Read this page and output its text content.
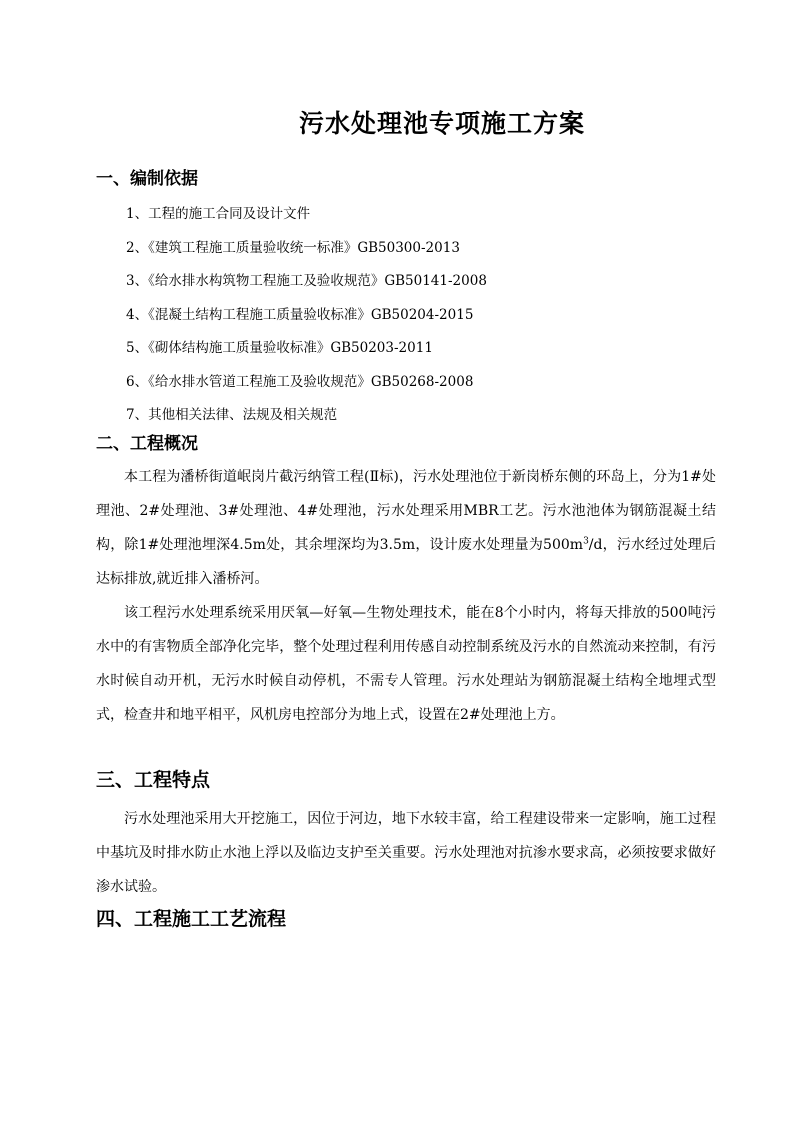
污水处理池专项施工方案
一、编制依据
1、工程的施工合同及设计文件
2、《建筑工程施工质量验收统一标准》GB50300-2013
3、《给水排水构筑物工程施工及验收规范》GB50141-2008
4、《混凝土结构工程施工质量验收标准》GB50204-2015
5、《砌体结构施工质量验收标准》GB50203-2011
6、《给水排水管道工程施工及验收规范》GB50268-2008
7、其他相关法律、法规及相关规范
二、工程概况

本工程为潘桥街道岷岗片截污纳管工程(Ⅱ标)，污水处理池位于新岗桥东侧的环岛上，分为1#处理池、2#处理池、3#处理池、4#处理池，污水处理采用MBR工艺。污水池池体为钢筋混凝土结构，除1#处理池埋深4.5m处，其余埋深均为3.5m，设计废水处理量为$500m^3/d$，污水经过处理后达标排放,就近排入潘桥河。

该工程污水处理系统采用厌氧—好氧—生物处理技术，能在8个小时内，将每天排放的500吨污水中的有害物质全部净化完毕，整个处理过程利用传感自动控制系统及污水的自然流动来控制，有污水时候自动开机，无污水时候自动停机，不需专人管理。污水处理站为钢筋混凝土结构全地埋式型式，检查井和地平相平，风机房电控部分为地上式，设置在2#处理池上方。

三、工程特点

污水处理池采用大开挖施工，因位于河边，地下水较丰富，给工程建设带来一定影响，施工过程中基坑及时排水防止水池上浮以及临边支护至关重要。污水处理池对抗渗水要求高，必须按要求做好渗水试验。

四、工程施工工艺流程
